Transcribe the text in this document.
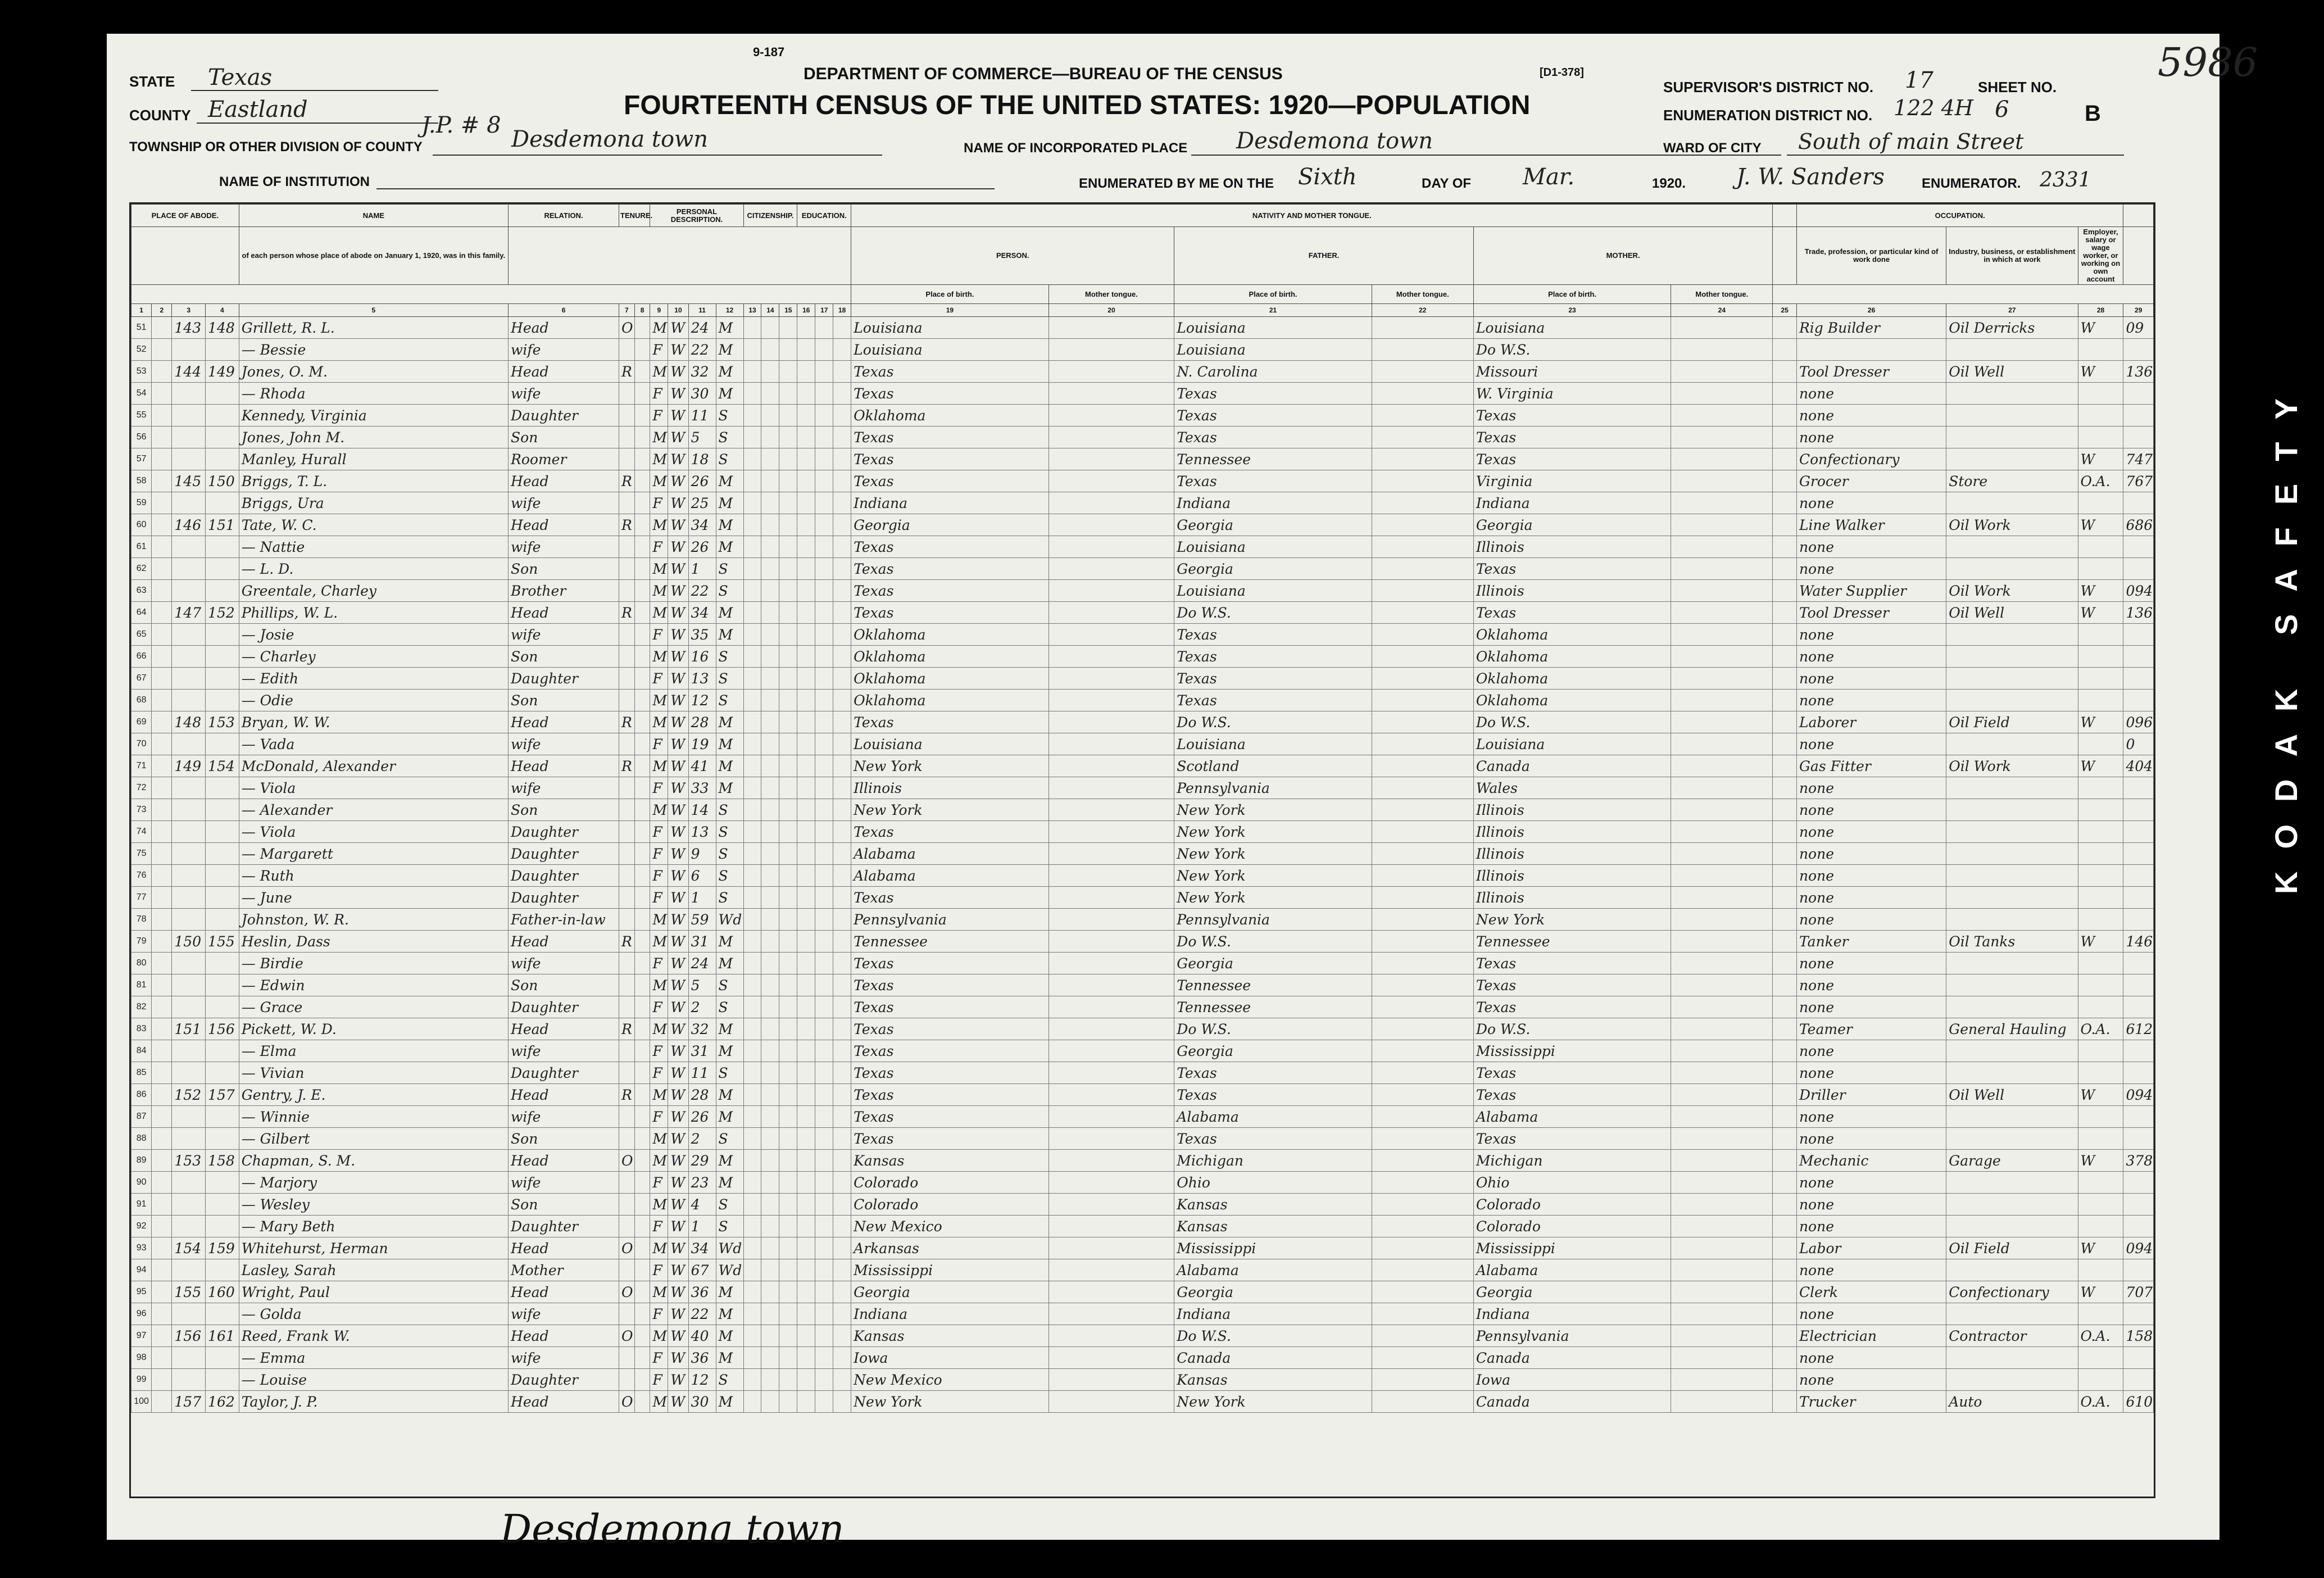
STATE Texas
COUNTY Eastland
J.P. # 8
TOWNSHIP OR OTHER DIVISION OF COUNTY	Desdemona town
NAME OF INSTITUTION
9-187
DEPARTMENT OF COMMERCE—BUREAU OF THE CENSUS	[D1-378]
FOURTEENTH CENSUS OF THE UNITED STATES: 1920—POPULATION
NAME OF INCORPORATED PLACE Desdemona town
ENUMERATED BY ME ON THE Sixth	DAY OF Mar.	1920. J. W. Sanders	ENUMERATOR. 2331
SUPERVISOR'S DISTRICT NO. 17
ENUMERATION DISTRICT NO. 122 4H
SHEET NO.
6	B
WARD OF CITY South of main Street
5986
PLACE OF ABODE.				NAME	RELATION.	TENURE.		PERSONAL DESCRIPTION.				CITIZENSHIP.			EDUCATION.			NATIVITY AND MOTHER TONGUE.							OCCUPATION.			
				of each person whose place of abode on January 1, 1920, was in this family.														PERSON.		FATHER.		MOTHER.			Trade, profession, or particular kind of work done	Industry, business, or establishment in which at work	Employer, salary or wage worker, or working on own account	
																		Place of birth.	Mother tongue.	Place of birth.	Mother tongue.	Place of birth.	Mother tongue.					
1	2	3	4	5	6	7	8	9	10	11	12	13	14	15	16	17	18	19	20	21	22	23	24	25	26	27	28	29
51		143	148	Grillett, R. L.	Head	O		M	W	24	M							Louisiana		Louisiana		Louisiana			Rig Builder	Oil Derricks	W	09
52				— Bessie	wife			F	W	22	M							Louisiana		Louisiana		Do W.S.						
53		144	149	Jones, O. M.	Head	R		M	W	32	M							Texas		N. Carolina		Missouri			Tool Dresser	Oil Well	W	136
54				— Rhoda	wife			F	W	30	M							Texas		Texas		W. Virginia			none			
55				Kennedy, Virginia	Daughter			F	W	11	S							Oklahoma		Texas		Texas			none			
56				Jones, John M.	Son			M	W	5	S							Texas		Texas		Texas			none			
57				Manley, Hurall	Roomer			M	W	18	S							Texas		Tennessee		Texas			Confectionary		W	747
58		145	150	Briggs, T. L.	Head	R		M	W	26	M							Texas		Texas		Virginia			Grocer	Store	O.A.	767
59				Briggs, Ura	wife			F	W	25	M							Indiana		Indiana		Indiana			none			
60		146	151	Tate, W. C.	Head	R		M	W	34	M							Georgia		Georgia		Georgia			Line Walker	Oil Work	W	686
61				— Nattie	wife			F	W	26	M							Texas		Louisiana		Illinois			none			
62				— L. D.	Son			M	W	1	S							Texas		Georgia		Texas			none			
63				Greentale, Charley	Brother			M	W	22	S							Texas		Louisiana		Illinois			Water Supplier	Oil Work	W	094
64		147	152	Phillips, W. L.	Head	R		M	W	34	M							Texas		Do W.S.		Texas			Tool Dresser	Oil Well	W	136
65				— Josie	wife			F	W	35	M							Oklahoma		Texas		Oklahoma			none			
66				— Charley	Son			M	W	16	S							Oklahoma		Texas		Oklahoma			none			
67				— Edith	Daughter			F	W	13	S							Oklahoma		Texas		Oklahoma			none			
68				— Odie	Son			M	W	12	S							Oklahoma		Texas		Oklahoma			none			
69		148	153	Bryan, W. W.	Head	R		M	W	28	M							Texas		Do W.S.		Do W.S.			Laborer	Oil Field	W	096
70				— Vada	wife			F	W	19	M							Louisiana		Louisiana		Louisiana			none			0
71		149	154	McDonald, Alexander	Head	R		M	W	41	M							New York		Scotland		Canada			Gas Fitter	Oil Work	W	404
72				— Viola	wife			F	W	33	M							Illinois		Pennsylvania		Wales			none			
73				— Alexander	Son			M	W	14	S							New York		New York		Illinois			none			
74				— Viola	Daughter			F	W	13	S							Texas		New York		Illinois			none			
75				— Margarett	Daughter			F	W	9	S							Alabama		New York		Illinois			none			
76				— Ruth	Daughter			F	W	6	S							Alabama		New York		Illinois			none			
77				— June	Daughter			F	W	1	S							Texas		New York		Illinois			none			
78				Johnston, W. R.	Father-in-law			M	W	59	Wd							Pennsylvania		Pennsylvania		New York			none			
79		150	155	Heslin, Dass	Head	R		M	W	31	M							Tennessee		Do W.S.		Tennessee			Tanker	Oil Tanks	W	146
80				— Birdie	wife			F	W	24	M							Texas		Georgia		Texas			none			
81				— Edwin	Son			M	W	5	S							Texas		Tennessee		Texas			none			
82				— Grace	Daughter			F	W	2	S							Texas		Tennessee		Texas			none			
83		151	156	Pickett, W. D.	Head	R		M	W	32	M							Texas		Do W.S.		Do W.S.			Teamer	General Hauling	O.A.	612
84				— Elma	wife			F	W	31	M							Texas		Georgia		Mississippi			none			
85				— Vivian	Daughter			F	W	11	S							Texas		Texas		Texas			none			
86		152	157	Gentry, J. E.	Head	R		M	W	28	M							Texas		Texas		Texas			Driller	Oil Well	W	094
87				— Winnie	wife			F	W	26	M							Texas		Alabama		Alabama			none			
88				— Gilbert	Son			M	W	2	S							Texas		Texas		Texas			none			
89		153	158	Chapman, S. M.	Head	O		M	W	29	M							Kansas		Michigan		Michigan			Mechanic	Garage	W	378
90				— Marjory	wife			F	W	23	M							Colorado		Ohio		Ohio			none			
91				— Wesley	Son			M	W	4	S							Colorado		Kansas		Colorado			none			
92				— Mary Beth	Daughter			F	W	1	S							New Mexico		Kansas		Colorado			none			
93		154	159	Whitehurst, Herman	Head	O		M	W	34	Wd							Arkansas		Mississippi		Mississippi			Labor	Oil Field	W	094
94				Lasley, Sarah	Mother			F	W	67	Wd							Mississippi		Alabama		Alabama			none			
95		155	160	Wright, Paul	Head	O		M	W	36	M							Georgia		Georgia		Georgia			Clerk	Confectionary	W	707
96				— Golda	wife			F	W	22	M							Indiana		Indiana		Indiana			none			
97		156	161	Reed, Frank W.	Head	O		M	W	40	M							Kansas		Do W.S.		Pennsylvania			Electrician	Contractor	O.A.	158
98				— Emma	wife			F	W	36	M							Iowa		Canada		Canada			none			
99				— Louise	Daughter			F	W	12	S							New Mexico		Kansas		Iowa			none			
100		157	162	Taylor, J. P.	Head	O		M	W	30	M							New York		New York		Canada			Trucker	Auto	O.A.	610
Desdemona town
KODAK SAFETY
